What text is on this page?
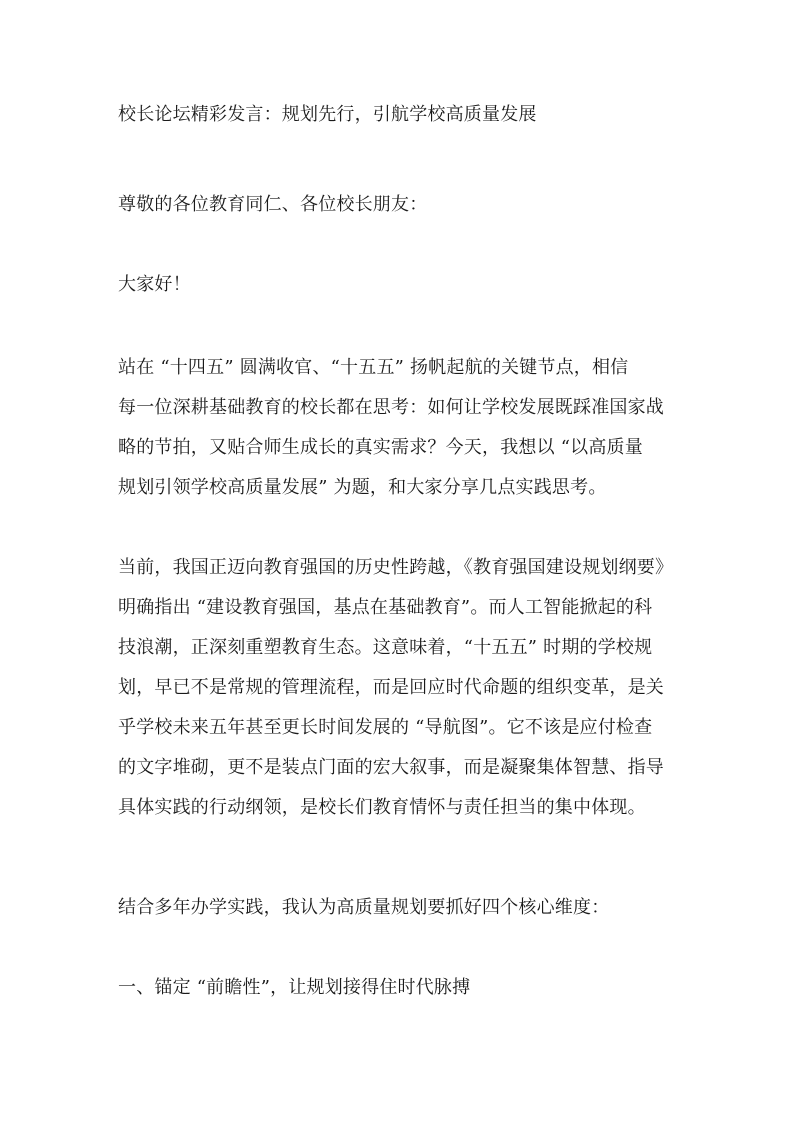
校长论坛精彩发言：规划先行，引航学校高质量发展
尊敬的各位教育同仁、各位校长朋友：
大家好！
站在 “十四五” 圆满收官、“十五五” 扬帆起航的关键节点，相信
每一位深耕基础教育的校长都在思考：如何让学校发展既踩准国家战
略的节拍，又贴合师生成长的真实需求？今天，我想以 “以高质量
规划引领学校高质量发展” 为题，和大家分享几点实践思考。
当前，我国正迈向教育强国的历史性跨越，《教育强国建设规划纲要》
明确指出 “建设教育强国，基点在基础教育”。而人工智能掀起的科
技浪潮，正深刻重塑教育生态。这意味着，“十五五” 时期的学校规
划，早已不是常规的管理流程，而是回应时代命题的组织变革，是关
乎学校未来五年甚至更长时间发展的 “导航图”。它不该是应付检查
的文字堆砌，更不是装点门面的宏大叙事，而是凝聚集体智慧、指导
具体实践的行动纲领，是校长们教育情怀与责任担当的集中体现。
结合多年办学实践，我认为高质量规划要抓好四个核心维度：
一、锚定 “前瞻性”，让规划接得住时代脉搏
